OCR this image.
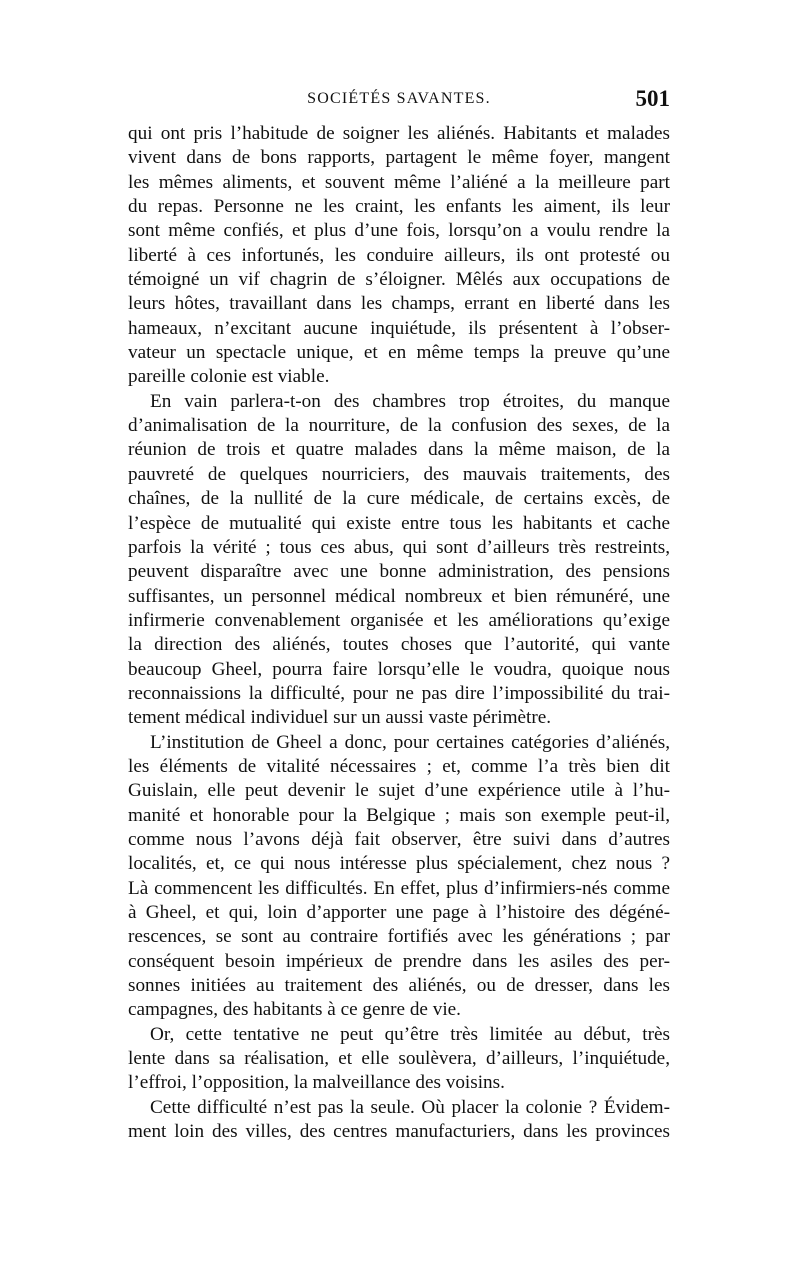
SOCIÉTÉS SAVANTES.	501

qui ont pris l’habitude de soigner les aliénés. Habitants et malades
vivent dans de bons rapports, partagent le même foyer, mangent
les mêmes aliments, et souvent même l’aliéné a la meilleure part
du repas. Personne ne les craint, les enfants les aiment, ils leur
sont même confiés, et plus d’une fois, lorsqu’on a voulu rendre la
liberté à ces infortunés, les conduire ailleurs, ils ont protesté ou
témoigné un vif chagrin de s’éloigner. Mêlés aux occupations de
leurs hôtes, travaillant dans les champs, errant en liberté dans les
hameaux, n’excitant aucune inquiétude, ils présentent à l’obser-
vateur un spectacle unique, et en même temps la preuve qu’une
pareille colonie est viable.

En vain parlera-t-on des chambres trop étroites, du manque
d’animalisation de la nourriture, de la confusion des sexes, de la
réunion de trois et quatre malades dans la même maison, de la
pauvreté de quelques nourriciers, des mauvais traitements, des
chaînes, de la nullité de la cure médicale, de certains excès, de
l’espèce de mutualité qui existe entre tous les habitants et cache
parfois la vérité ; tous ces abus, qui sont d’ailleurs très restreints,
peuvent disparaître avec une bonne administration, des pensions
suffisantes, un personnel médical nombreux et bien rémunéré, une
infirmerie convenablement organisée et les améliorations qu’exige
la direction des aliénés, toutes choses que l’autorité, qui vante
beaucoup Gheel, pourra faire lorsqu’elle le voudra, quoique nous
reconnaissions la difficulté, pour ne pas dire l’impossibilité du trai-
tement médical individuel sur un aussi vaste périmètre.

L’institution de Gheel a donc, pour certaines catégories d’aliénés,
les éléments de vitalité nécessaires ; et, comme l’a très bien dit
Guislain, elle peut devenir le sujet d’une expérience utile à l’hu-
manité et honorable pour la Belgique ; mais son exemple peut-il,
comme nous l’avons déjà fait observer, être suivi dans d’autres
localités, et, ce qui nous intéresse plus spécialement, chez nous ?
Là commencent les difficultés. En effet, plus d’infirmiers-nés comme
à Gheel, et qui, loin d’apporter une page à l’histoire des dégéné-
rescences, se sont au contraire fortifiés avec les générations ; par
conséquent besoin impérieux de prendre dans les asiles des per-
sonnes initiées au traitement des aliénés, ou de dresser, dans les
campagnes, des habitants à ce genre de vie.

Or, cette tentative ne peut qu’être très limitée au début, très
lente dans sa réalisation, et elle soulèvera, d’ailleurs, l’inquiétude,
l’effroi, l’opposition, la malveillance des voisins.

Cette difficulté n’est pas la seule. Où placer la colonie ? Évidem-
ment loin des villes, des centres manufacturiers, dans les provinces
